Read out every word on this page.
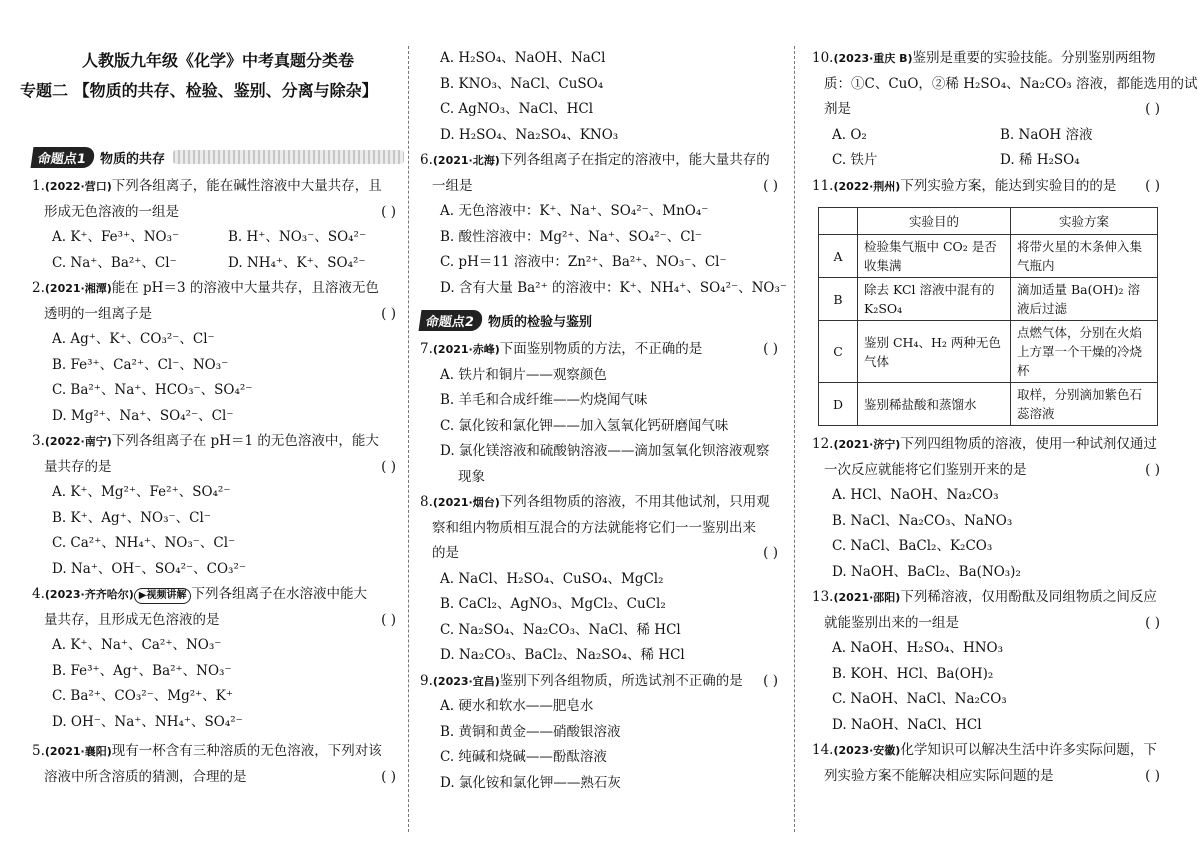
人教版九年级《化学》中考真题分类卷
专题二 【物质的共存、检验、鉴别、分离与除杂】
命题点1	物质的共存
1.(2022·营口)下列各组离子，能在碱性溶液中大量共存，且
形成无色溶液的一组是	( )
A. K⁺、Fe³⁺、NO₃⁻	B. H⁺、NO₃⁻、SO₄²⁻
C. Na⁺、Ba²⁺、Cl⁻	D. NH₄⁺、K⁺、SO₄²⁻
2.(2021·湘潭)能在 pH＝3 的溶液中大量共存，且溶液无色
透明的一组离子是	( )
A. Ag⁺、K⁺、CO₃²⁻、Cl⁻
B. Fe³⁺、Ca²⁺、Cl⁻、NO₃⁻
C. Ba²⁺、Na⁺、HCO₃⁻、SO₄²⁻
D. Mg²⁺、Na⁺、SO₄²⁻、Cl⁻
3.(2022·南宁)下列各组离子在 pH＝1 的无色溶液中，能大
量共存的是	( )
A. K⁺、Mg²⁺、Fe²⁺、SO₄²⁻
B. K⁺、Ag⁺、NO₃⁻、Cl⁻
C. Ca²⁺、NH₄⁺、NO₃⁻、Cl⁻
D. Na⁺、OH⁻、SO₄²⁻、CO₃²⁻
4.(2023·齐齐哈尔) ▶视频讲解 下列各组离子在水溶液中能大
量共存，且形成无色溶液的是	( )
A. K⁺、Na⁺、Ca²⁺、NO₃⁻
B. Fe³⁺、Ag⁺、Ba²⁺、NO₃⁻
C. Ba²⁺、CO₃²⁻、Mg²⁺、K⁺
D. OH⁻、Na⁺、NH₄⁺、SO₄²⁻
5.(2021·襄阳)现有一杯含有三种溶质的无色溶液，下列对该
溶液中所含溶质的猜测，合理的是	( )
A. H₂SO₄、NaOH、NaCl
B. KNO₃、NaCl、CuSO₄
C. AgNO₃、NaCl、HCl
D. H₂SO₄、Na₂SO₄、KNO₃
6.(2021·北海)下列各组离子在指定的溶液中，能大量共存的
一组是	( )
A. 无色溶液中：K⁺、Na⁺、SO₄²⁻、MnO₄⁻
B. 酸性溶液中：Mg²⁺、Na⁺、SO₄²⁻、Cl⁻
C. pH＝11 溶液中：Zn²⁺、Ba²⁺、NO₃⁻、Cl⁻
D. 含有大量 Ba²⁺ 的溶液中：K⁺、NH₄⁺、SO₄²⁻、NO₃⁻
命题点2	物质的检验与鉴别
7.(2021·赤峰)下面鉴别物质的方法，不正确的是	( )
A. 铁片和铜片——观察颜色
B. 羊毛和合成纤维——灼烧闻气味
C. 氯化铵和氯化钾——加入氢氧化钙研磨闻气味
D. 氯化镁溶液和硫酸钠溶液——滴加氢氧化钡溶液观察
现象
8.(2021·烟台)下列各组物质的溶液，不用其他试剂，只用观
察和组内物质相互混合的方法就能将它们一一鉴别出来
的是	( )
A. NaCl、H₂SO₄、CuSO₄、MgCl₂
B. CaCl₂、AgNO₃、MgCl₂、CuCl₂
C. Na₂SO₄、Na₂CO₃、NaCl、稀 HCl
D. Na₂CO₃、BaCl₂、Na₂SO₄、稀 HCl
9.(2023·宜昌)鉴别下列各组物质，所选试剂不正确的是 ( )
A. 硬水和软水——肥皂水
B. 黄铜和黄金——硝酸银溶液
C. 纯碱和烧碱——酚酞溶液
D. 氯化铵和氯化钾——熟石灰
10.(2023·重庆 B)鉴别是重要的实验技能。分别鉴别两组物
质：①C、CuO，②稀 H₂SO₄、Na₂CO₃ 溶液，都能选用的试
剂是	( )
A. O₂	B. NaOH 溶液
C. 铁片	D. 稀 H₂SO₄
11.(2022·荆州)下列实验方案，能达到实验目的的是 ( )
	实验目的	实验方案
A	检验集气瓶中 CO₂ 是否收集满	将带火星的木条伸入集气瓶内
B	除去 KCl 溶液中混有的 K₂SO₄	滴加适量 Ba(OH)₂ 溶液后过滤
C	鉴别 CH₄、H₂ 两种无色气体	点燃气体，分别在火焰上方罩一个干燥的冷烧杯
D	鉴别稀盐酸和蒸馏水	取样，分别滴加紫色石蕊溶液
12.(2021·济宁)下列四组物质的溶液，使用一种试剂仅通过
一次反应就能将它们鉴别开来的是	( )
A. HCl、NaOH、Na₂CO₃
B. NaCl、Na₂CO₃、NaNO₃
C. NaCl、BaCl₂、K₂CO₃
D. NaOH、BaCl₂、Ba(NO₃)₂
13.(2021·邵阳)下列稀溶液，仅用酚酞及同组物质之间反应
就能鉴别出来的一组是	( )
A. NaOH、H₂SO₄、HNO₃
B. KOH、HCl、Ba(OH)₂
C. NaOH、NaCl、Na₂CO₃
D. NaOH、NaCl、HCl
14.(2023·安徽)化学知识可以解决生活中许多实际问题，下
列实验方案不能解决相应实际问题的是	( )
